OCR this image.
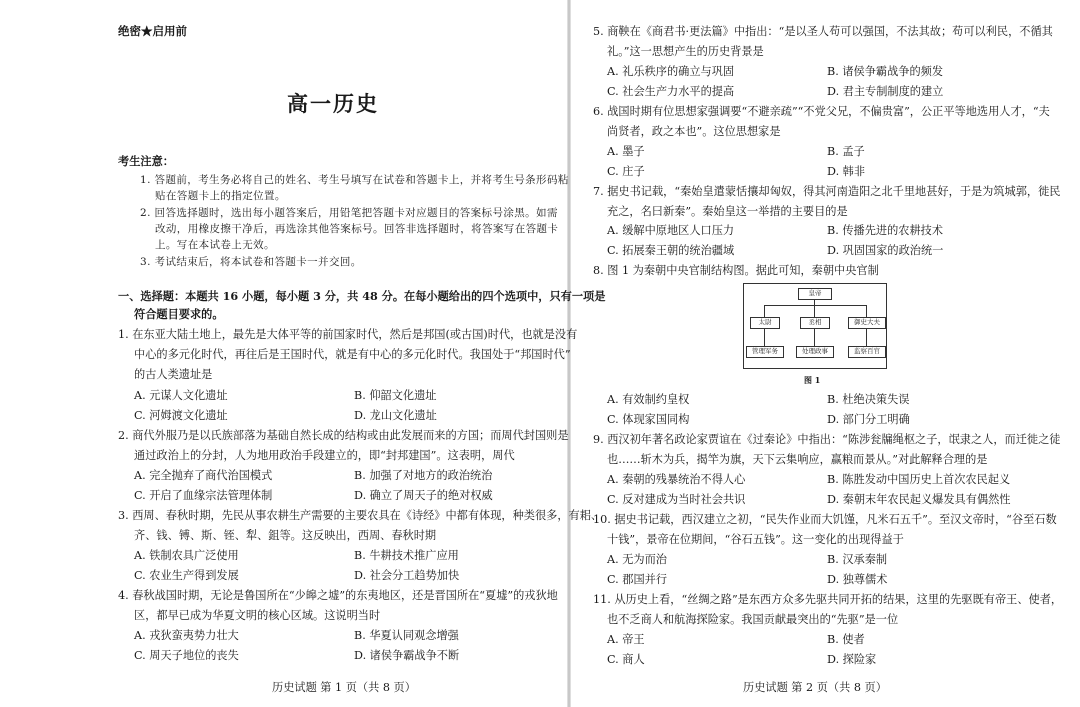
绝密★启用前
高一历史
考生注意：
1. 答题前，考生务必将自己的姓名、考生号填写在试卷和答题卡上，并将考生号条形码粘
贴在答题卡上的指定位置。
2. 回答选择题时，选出每小题答案后，用铅笔把答题卡对应题目的答案标号涂黑。如需
改动，用橡皮擦干净后，再选涂其他答案标号。回答非选择题时，将答案写在答题卡
上。写在本试卷上无效。
3. 考试结束后，将本试卷和答题卡一并交回。
一、选择题：本题共 16 小题，每小题 3 分，共 48 分。在每小题给出的四个选项中，只有一项是
符合题目要求的。
1. 在东亚大陆土地上，最先是大体平等的前国家时代，然后是邦国(或古国)时代，也就是没有
中心的多元化时代，再往后是王国时代，就是有中心的多元化时代。我国处于“邦国时代”
的古人类遗址是
A. 元谋人文化遗址	B. 仰韶文化遗址
C. 河姆渡文化遗址	D. 龙山文化遗址
2. 商代外服乃是以氏族部落为基础自然长成的结构或由此发展而来的方国；而周代封国则是
通过政治上的分封，人为地用政治手段建立的，即“封邦建国”。这表明，周代
A. 完全抛弃了商代治国模式	B. 加强了对地方的政治统治
C. 开启了血缘宗法管理体制	D. 确立了周天子的绝对权威
3. 西周、春秋时期，先民从事农耕生产需要的主要农具在《诗经》中都有体现，种类很多，有耜、
齐、钱、镈、斯、铚、犁、鉏等。这反映出，西周、春秋时期
A. 铁制农具广泛使用	B. 牛耕技术推广应用
C. 农业生产得到发展	D. 社会分工趋势加快
4. 春秋战国时期，无论是鲁国所在“少皞之墟”的东夷地区，还是晋国所在“夏墟”的戎狄地
区，都早已成为华夏文明的核心区域。这说明当时
A. 戎狄蛮夷势力壮大	B. 华夏认同观念增强
C. 周天子地位的丧失	D. 诸侯争霸战争不断
历史试题 第 1 页（共 8 页）
5. 商鞅在《商君书·更法篇》中指出：“是以圣人苟可以强国，不法其故；苟可以利民，不循其
礼。”这一思想产生的历史背景是
A. 礼乐秩序的确立与巩固	B. 诸侯争霸战争的频发
C. 社会生产力水平的提高	D. 君主专制制度的建立
6. 战国时期有位思想家强调要“不避亲疏”“不党父兄，不偏贵富”，公正平等地选用人才，“夫
尚贤者，政之本也”。这位思想家是
A. 墨子	B. 孟子
C. 庄子	D. 韩非
7. 据史书记载，“秦始皇遣蒙恬攘却匈奴，得其河南造阳之北千里地甚好，于是为筑城郭，徙民
充之，名曰新秦”。秦始皇这一举措的主要目的是
A. 缓解中原地区人口压力	B. 传播先进的农耕技术
C. 拓展秦王朝的统治疆域	D. 巩固国家的政治统一
8. 图 1 为秦朝中央官制结构图。据此可知，秦朝中央官制
皇帝
太尉	丞相	御史大夫
管理军务	处理政事	监察百官
图 1
A. 有效制约皇权	B. 杜绝决策失误
C. 体现家国同构	D. 部门分工明确
9. 西汉初年著名政论家贾谊在《过秦论》中指出：“陈涉瓮牖绳枢之子，氓隶之人，而迁徙之徒
也……斩木为兵，揭竿为旗，天下云集响应，赢粮而景从。”对此解释合理的是
A. 秦朝的残暴统治不得人心	B. 陈胜发动中国历史上首次农民起义
C. 反对建成为当时社会共识	D. 秦朝末年农民起义爆发具有偶然性
10. 据史书记载，西汉建立之初，“民失作业而大饥馑，凡米石五千”。至汉文帝时，“谷至石数
十钱”，景帝在位期间，“谷石五钱”。这一变化的出现得益于
A. 无为而治	B. 汉承秦制
C. 郡国并行	D. 独尊儒术
11. 从历史上看，“丝绸之路”是东西方众多先驱共同开拓的结果，这里的先驱既有帝王、使者，
也不乏商人和航海探险家。我国贡献最突出的“先驱”是一位
A. 帝王	B. 使者
C. 商人	D. 探险家
历史试题 第 2 页（共 8 页）
